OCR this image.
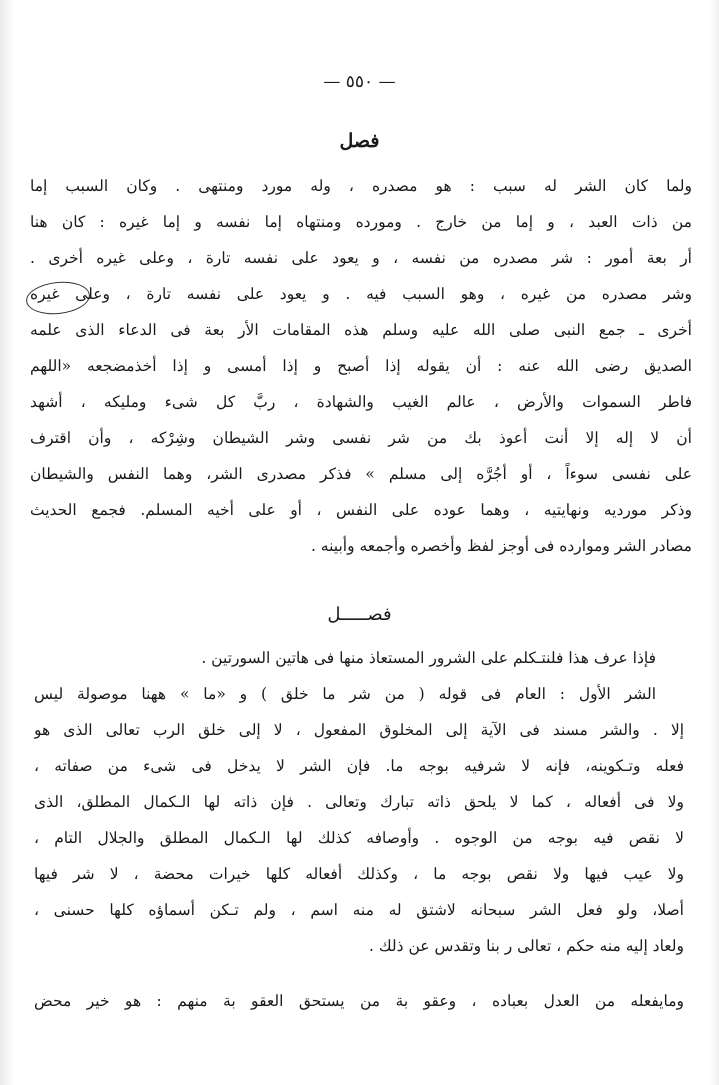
— ٥٥٠ —
فصل
ولما كان الشر له سبب : هو مصدره ، وله مورد ومنتهى . وكان السبب إما
من ذات العبد ، و إما من خارج . ومورده ومنتهاه إما نفسه و إما غيره : كان هنا
أر بعة أمور : شر مصدره من نفسه ، و يعود على نفسه تارة ، وعلى غيره أخرى .
وشر مصدره من غيره ، وهو السبب فيه . و يعود على نفسه تارة ، وعلى غيره
أخرى ـ جمع النبى صلى الله عليه وسلم هذه المقامات الأر بعة فى الدعاء الذى علمه
الصديق رضى الله عنه : أن يقوله إذا أصبح و إذا أمسى و إذا أخذمضجعه «اللهم
فاطر السموات والأرض ، عالم الغيب والشهادة ، ربَّ كل شىء ومليكه ، أشهد
أن لا إله إلا أنت أعوذ بك من شر نفسى وشر الشيطان وشِرْكه ، وأن اقترف
على نفسى سوءاً ، أو أجُرَّه إلى مسلم » فذكر مصدرى الشر، وهما النفس والشيطان
وذكر مورديه ونهايتيه ، وهما عوده على النفس ، أو على أخيه المسلم. فجمع الحديث
مصادر الشر وموارده فى أوجز لفظ وأخصره وأجمعه وأبينه .
فصـــــل
فإذا عرف هذا فلنتـكلم على الشرور المستعاذ منها فى هاتين السورتين .
الشر الأول : العام فى قوله ( من شر ما خلق ) و «ما » ههنا موصولة ليس
إلا . والشر مسند فى الآية إلى المخلوق المفعول ، لا إلى خلق الرب تعالى الذى هو
فعله وتـكوينه، فإنه لا شرفيه بوجه ما. فإن الشر لا يدخل فى شىء من صفاته ،
ولا فى أفعاله ، كما لا يلحق ذاته تبارك وتعالى . فإن ذاته لها الـكمال المطلق، الذى
لا نقص فيه بوجه من الوجوه . وأوصافه كذلك لها الـكمال المطلق والجلال التام ،
ولا عيب فيها ولا نقص بوجه ما ، وكذلك أفعاله كلها خيرات محضة ، لا شر فيها
أصلا، ولو فعل الشر سبحانه لاشتق له منه اسم ، ولم تـكن أسماؤه كلها حسنى ،
ولعاد إليه منه حكم ، تعالى ر بنا وتقدس عن ذلك .
ومايفعله من العدل بعباده ، وعقو بة من يستحق العقو بة منهم : هو خير محض
